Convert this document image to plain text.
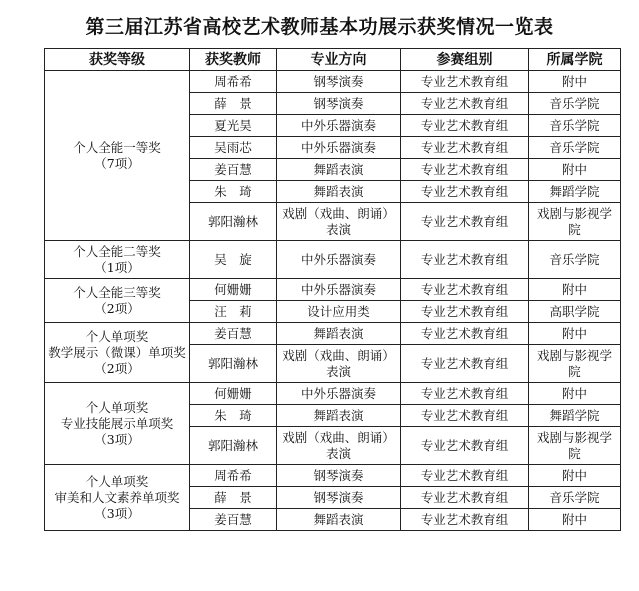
第三届江苏省高校艺术教师基本功展示获奖情况一览表
获奖等级	获奖教师	专业方向	参赛组别	所属学院

个人全能一等奖
（7项）	周希希	钢琴演奏	专业艺术教育组	附中
	薛　景	钢琴演奏	专业艺术教育组	音乐学院
	夏光昊	中外乐器演奏	专业艺术教育组	音乐学院
	吴雨芯	中外乐器演奏	专业艺术教育组	音乐学院
	姜百慧	舞蹈表演	专业艺术教育组	附中
	朱　琦	舞蹈表演	专业艺术教育组	舞蹈学院
	郭阳瀚林	戏剧（戏曲、朗诵）表演	专业艺术教育组	戏剧与影视学院

个人全能二等奖
（1项）	吴　旋	中外乐器演奏	专业艺术教育组	音乐学院

个人全能三等奖
（2项）	何姗姗	中外乐器演奏	专业艺术教育组	附中
	汪　莉	设计应用类	专业艺术教育组	高职学院

个人单项奖
教学展示（微课）单项奖
（2项）	姜百慧	舞蹈表演	专业艺术教育组	附中
	郭阳瀚林	戏剧（戏曲、朗诵）表演	专业艺术教育组	戏剧与影视学院

个人单项奖
专业技能展示单项奖
（3项）	何姗姗	中外乐器演奏	专业艺术教育组	附中
	朱　琦	舞蹈表演	专业艺术教育组	舞蹈学院
	郭阳瀚林	戏剧（戏曲、朗诵）表演	专业艺术教育组	戏剧与影视学院

个人单项奖
审美和人文素养单项奖
（3项）	周希希	钢琴演奏	专业艺术教育组	附中
	薛　景	钢琴演奏	专业艺术教育组	音乐学院
	姜百慧	舞蹈表演	专业艺术教育组	附中
